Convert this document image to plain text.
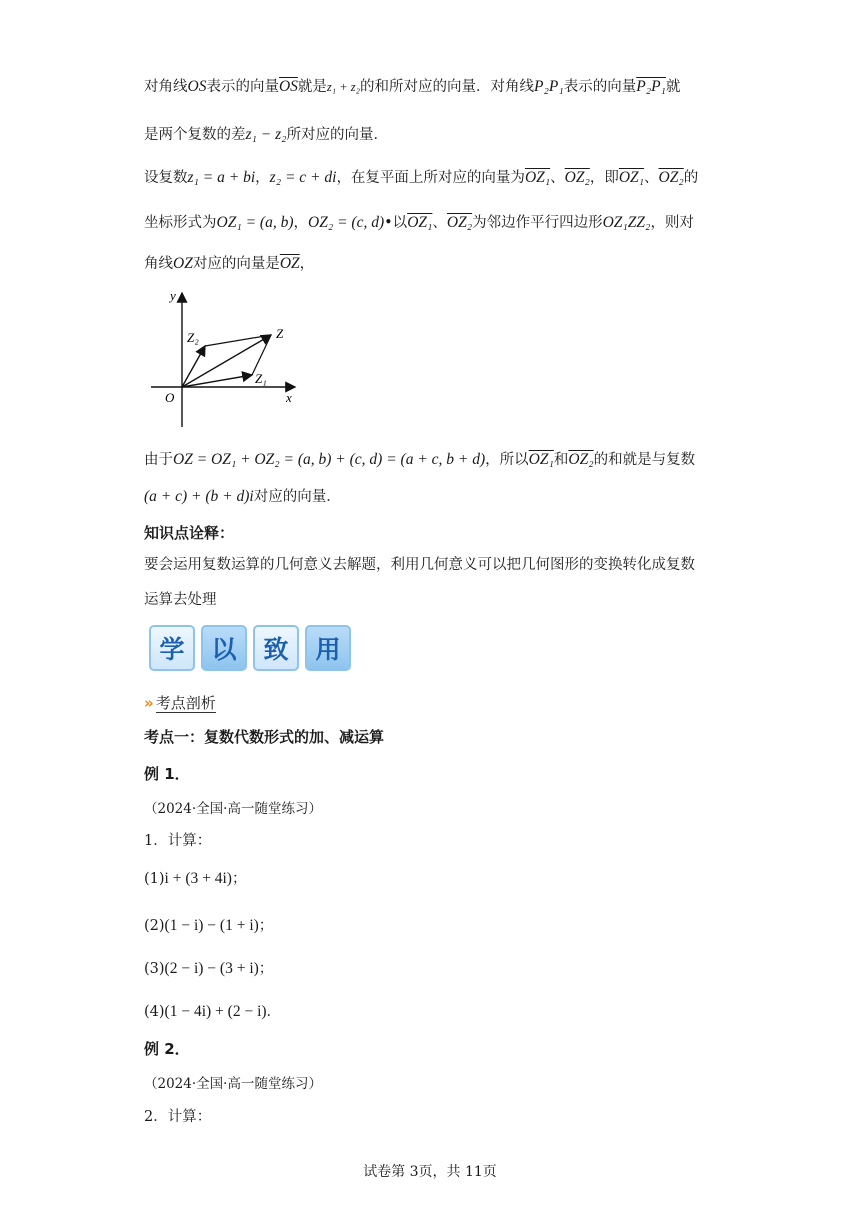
对角线OS表示的向量$\overline{OS}$就是z₁ + z₂的和所对应的向量．对角线P₂P₁表示的向量P₂P₁就
是两个复数的差z₁ − z₂所对应的向量．
设复数z₁ = a + bi，z₂ = c + di，在复平面上所对应的向量为OZ₁、OZ₂，即OZ₁、OZ₂的
坐标形式为OZ₁ = (a, b)，OZ₂ = (c, d)•以OZ₁、OZ₂为邻边作平行四边形OZ₁ZZ₂，则对
角线OZ对应的向量是$\overline{OZ}$，
y
x
O
Z
Z₁
Z₂
由于OZ = OZ₁ + OZ₂ = (a, b) + (c, d) = (a + c, b + d)，所以OZ₁和OZ₂的和就是与复数
(a + c) + (b + d)i对应的向量．
知识点诠释：
要会运用复数运算的几何意义去解题，利用几何意义可以把几何图形的变换转化成复数
运算去处理
学	以	致	用
» 考点剖析
考点一：复数代数形式的加、减运算
例 1．
（2024·全国·高一随堂练习）
1．计算：
(1)i + (3 + 4i)；
(2)(1 − i) − (1 + i)；
(3)(2 − i) − (3 + i)；
(4)(1 − 4i) + (2 − i)．
例 2．
（2024·全国·高一随堂练习）
2．计算：
试卷第 3页，共 11页
